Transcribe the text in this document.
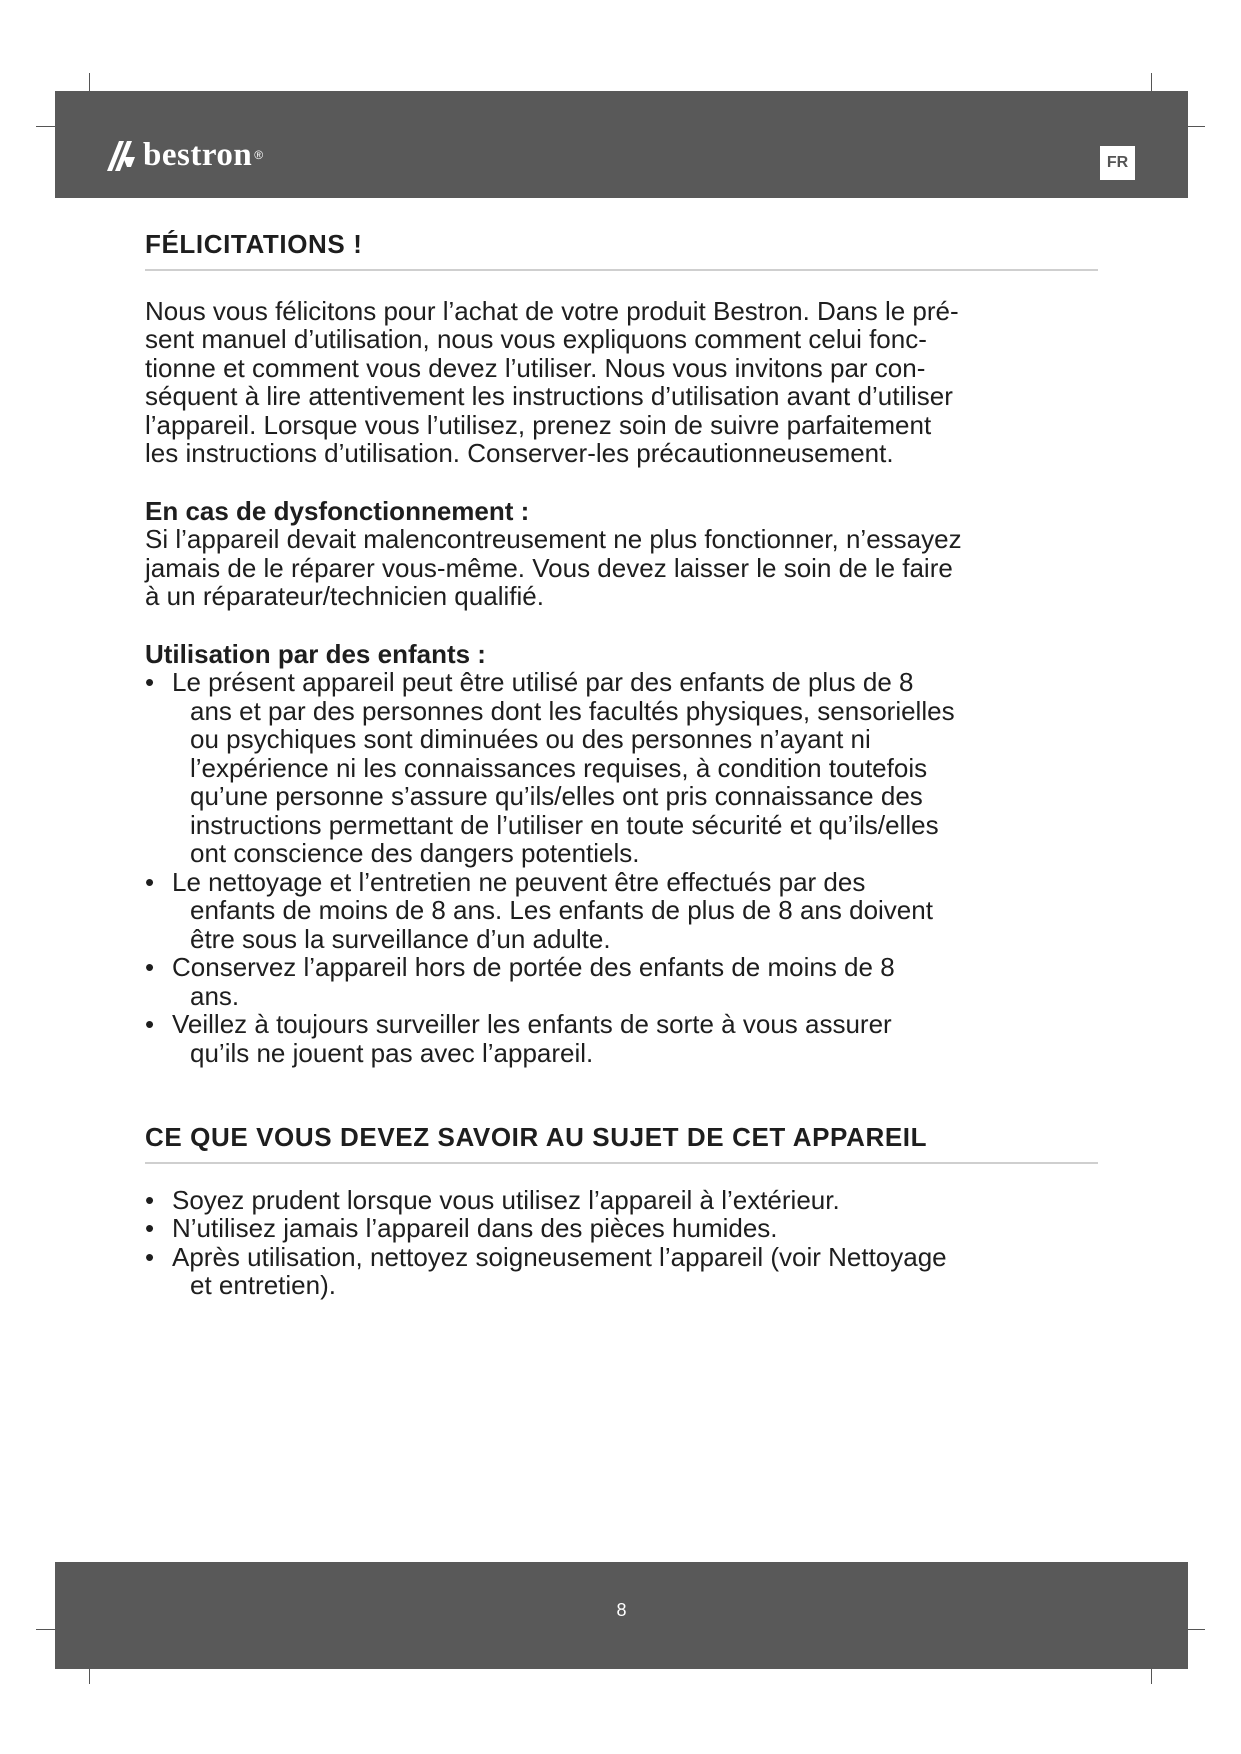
bestron ®	FR
FÉLICITATIONS !

Nous vous félicitons pour l’achat de votre produit Bestron. Dans le pré-
sent manuel d’utilisation, nous vous expliquons comment celui fonc-
tionne et comment vous devez l’utiliser. Nous vous invitons par con-
séquent à lire attentivement les instructions d’utilisation avant d’utiliser
l’appareil. Lorsque vous l’utilisez, prenez soin de suivre parfaitement
les instructions d’utilisation. Conserver-les précautionneusement.

En cas de dysfonctionnement :

Si l’appareil devait malencontreusement ne plus fonctionner, n’essayez
jamais de le réparer vous-même. Vous devez laisser le soin de le faire
à un réparateur/technicien qualifié.

Utilisation par des enfants :

• Le présent appareil peut être utilisé par des enfants de plus de 8
ans et par des personnes dont les facultés physiques, sensorielles
ou psychiques sont diminuées ou des personnes n’ayant ni
l’expérience ni les connaissances requises, à condition toutefois
qu’une personne s’assure qu’ils/elles ont pris connaissance des
instructions permettant de l’utiliser en toute sécurité et qu’ils/elles
ont conscience des dangers potentiels.
• Le nettoyage et l’entretien ne peuvent être effectués par des
enfants de moins de 8 ans. Les enfants de plus de 8 ans doivent
être sous la surveillance d’un adulte.
• Conservez l’appareil hors de portée des enfants de moins de 8
ans.
• Veillez à toujours surveiller les enfants de sorte à vous assurer
qu’ils ne jouent pas avec l’appareil.
CE QUE VOUS DEVEZ SAVOIR AU SUJET DE CET APPAREIL
• Soyez prudent lorsque vous utilisez l’appareil à l’extérieur.
• N’utilisez jamais l’appareil dans des pièces humides.
• Après utilisation, nettoyez soigneusement l’appareil (voir Nettoyage
et entretien).
8
